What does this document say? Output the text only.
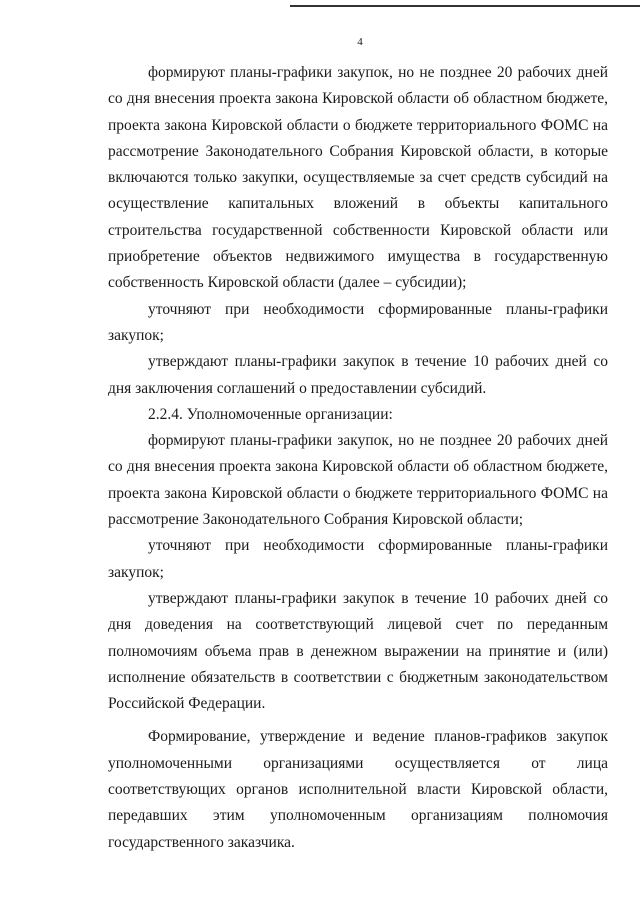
4

формируют планы-графики закупок, но не позднее 20 рабочих дней со дня внесения проекта закона Кировской области об областном бюджете, проекта закона Кировской области о бюджете территориального ФОМС на рассмотрение Законодательного Собрания Кировской области, в которые включаются только закупки, осуществляемые за счет средств субсидий на осуществление капитальных вложений в объекты капитального строительства государственной собственности Кировской области или приобретение объектов недвижимого имущества в государственную собственность Кировской области (далее – субсидии);

уточняют при необходимости сформированные планы-графики закупок;

утверждают планы-графики закупок в течение 10 рабочих дней со дня заключения соглашений о предоставлении субсидий.

2.2.4. Уполномоченные организации:

формируют планы-графики закупок, но не позднее 20 рабочих дней со дня внесения проекта закона Кировской области об областном бюджете, проекта закона Кировской области о бюджете территориального ФОМС на рассмотрение Законодательного Собрания Кировской области;

уточняют при необходимости сформированные планы-графики закупок;

утверждают планы-графики закупок в течение 10 рабочих дней со дня доведения на соответствующий лицевой счет по переданным полномочиям объема прав в денежном выражении на принятие и (или) исполнение обязательств в соответствии с бюджетным законодательством Российской Федерации.

Формирование, утверждение и ведение планов-графиков закупок уполномоченными организациями осуществляется от лица соответствующих органов исполнительной власти Кировской области, передавших этим уполномоченным организациям полномочия государственного заказчика.
